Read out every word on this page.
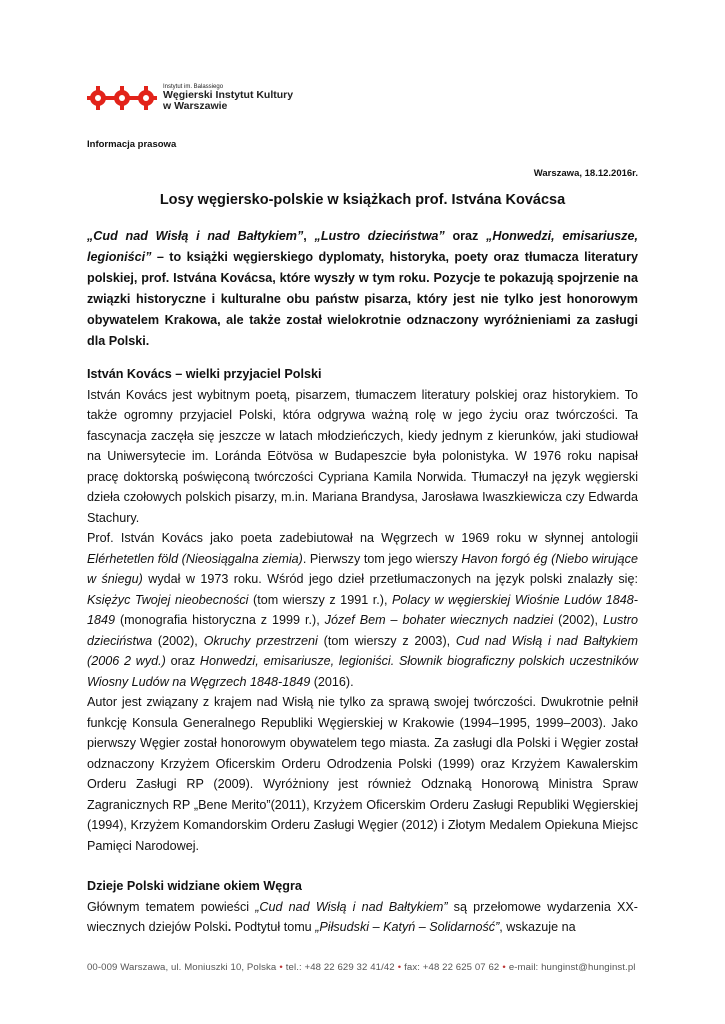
Instytut im. Balassiego
Węgierski Instytut Kultury
w Warszawie
Informacja prasowa
Warszawa, 18.12.2016r.
Losy węgiersko-polskie w książkach prof. Istvána Kovácsa
„Cud nad Wisłą i nad Bałtykiem”, „Lustro dzieciństwa” oraz „Honwedzi, emisariusze, legioniści” – to książki węgierskiego dyplomaty, historyka, poety oraz tłumacza literatury polskiej, prof. Istvána Kovácsa, które wyszły w tym roku. Pozycje te pokazują spojrzenie na związki historyczne i kulturalne obu państw pisarza, który jest nie tylko jest honorowym obywatelem Krakowa, ale także został wielokrotnie odznaczony wyróżnieniami za zasługi dla Polski.
István Kovács – wielki przyjaciel Polski

István Kovács jest wybitnym poetą, pisarzem, tłumaczem literatury polskiej oraz historykiem. To także ogromny przyjaciel Polski, która odgrywa ważną rolę w jego życiu oraz twórczości. Ta fascynacja zaczęła się jeszcze w latach młodzieńczych, kiedy jednym z kierunków, jaki studiował na Uniwersytecie im. Loránda Eötvösa w Budapeszcie była polonistyka. W 1976 roku napisał pracę doktorską poświęconą twórczości Cypriana Kamila Norwida. Tłumaczył na język węgierski dzieła czołowych polskich pisarzy, m.in. Mariana Brandysa, Jarosława Iwaszkiewicza czy Edwarda Stachury.

Prof. István Kovács jako poeta zadebiutował na Węgrzech w 1969 roku w słynnej antologii Elérhetetlen föld (Nieosiągalna ziemia). Pierwszy tom jego wierszy Havon forgó ég (Niebo wirujące w śniegu) wydał w 1973 roku. Wśród jego dzieł przetłumaczonych na język polski znalazły się: Księżyc Twojej nieobecności (tom wierszy z 1991 r.), Polacy w węgierskiej Wiośnie Ludów 1848-1849 (monografia historyczna z 1999 r.), Józef Bem – bohater wiecznych nadziei (2002), Lustro dzieciństwa (2002), Okruchy przestrzeni (tom wierszy z 2003), Cud nad Wisłą i nad Bałtykiem (2006 2 wyd.) oraz Honwedzi, emisariusze, legioniści. Słownik biograficzny polskich uczestników Wiosny Ludów na Węgrzech 1848-1849 (2016).

Autor jest związany z krajem nad Wisłą nie tylko za sprawą swojej twórczości. Dwukrotnie pełnił funkcję Konsula Generalnego Republiki Węgierskiej w Krakowie (1994–1995, 1999–2003). Jako pierwszy Węgier został honorowym obywatelem tego miasta. Za zasługi dla Polski i Węgier został odznaczony Krzyżem Oficerskim Orderu Odrodzenia Polski (1999) oraz Krzyżem Kawalerskim Orderu Zasługi RP (2009). Wyróżniony jest również Odznaką Honorową Ministra Spraw Zagranicznych RP „Bene Merito”(2011), Krzyżem Oficerskim Orderu Zasługi Republiki Węgierskiej (1994), Krzyżem Komandorskim Orderu Zasługi Węgier (2012) i Złotym Medalem Opiekuna Miejsc Pamięci Narodowej.

Dzieje Polski widziane okiem Węgra

Głównym tematem powieści „Cud nad Wisłą i nad Bałtykiem” są przełomowe wydarzenia XX-wiecznych dziejów Polski. Podtytuł tomu „Piłsudski – Katyń – Solidarność”, wskazuje na

00-009 Warszawa, ul. Moniuszki 10, Polska • tel.: +48 22 629 32 41/42 • fax: +48 22 625 07 62 • e-mail: hunginst@hunginst.pl
